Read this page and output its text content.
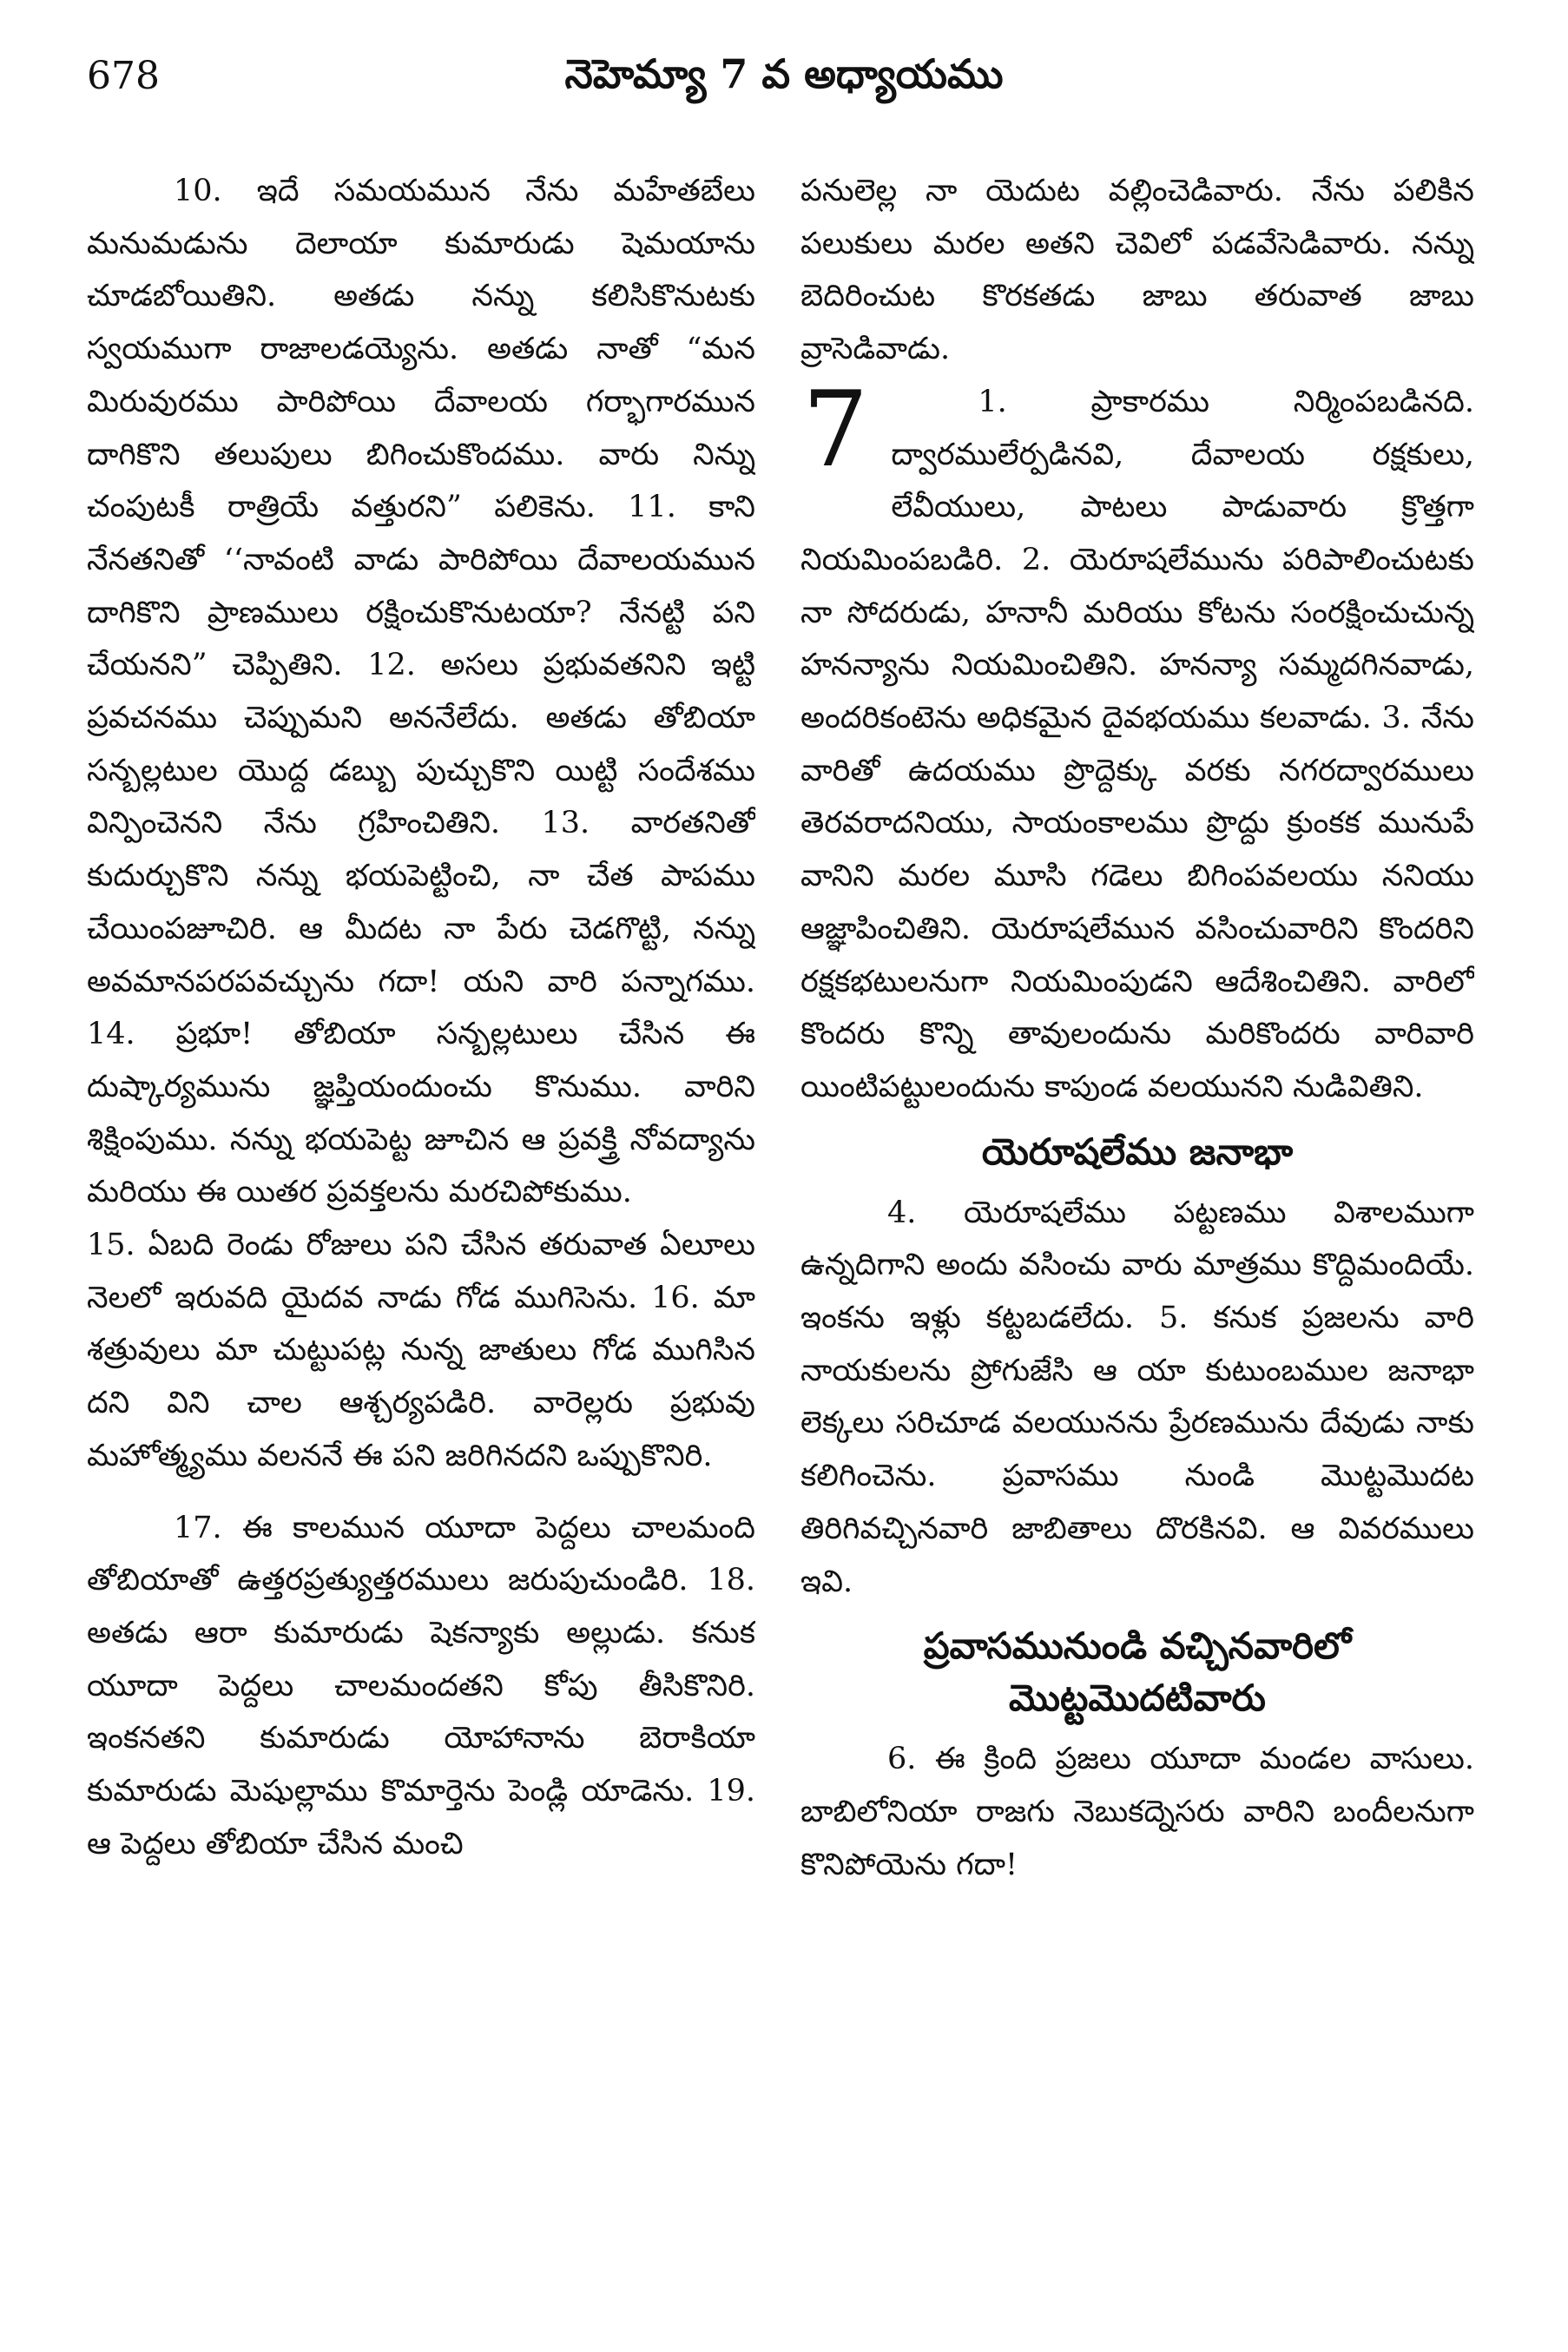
678	నెహెమ్యా 7 వ అధ్యాయము

10. ఇదే సమయమున నేను మహేతబేలు మనుమడును దెలాయా కుమారుడు షెమయాను చూడబోయితిని. అతడు నన్ను కలిసికొనుటకు స్వయముగా రాజాలడయ్యెను. అతడు నాతో “మన మిరువురము పారిపోయి దేవాలయ గర్భాగారమున దాగికొని తలుపులు బిగించుకొందము. వారు నిన్ను చంపుటకీ రాత్రియే వత్తురని” పలికెను. 11. కాని నేనతనితో ‘‘నావంటి వాడు పారిపోయి దేవాలయమున దాగికొని ప్రాణములు రక్షించుకొనుటయా? నేనట్టి పని చేయనని” చెప్పితిని. 12. అసలు ప్రభువతనిని ఇట్టి ప్రవచనము చెప్పుమని అననేలేదు. అతడు తోబియా సన్బల్లటుల యొద్ద డబ్బు పుచ్చుకొని యిట్టి సందేశము విన్పించెనని నేను గ్రహించితిని. 13. వారతనితో కుదుర్చుకొని నన్ను భయపెట్టించి, నా చేత పాపము చేయింపజూచిరి. ఆ మీదట నా పేరు చెడగొట్టి, నన్ను అవమానపరపవచ్చును గదా! యని వారి పన్నాగము. 14. ప్రభూ! తోబియా సన్బల్లటులు చేసిన ఈ దుష్కార్యమును జ్ఞప్తియందుంచు కొనుము. వారిని శిక్షింపుము. నన్ను భయపెట్ట జూచిన ఆ ప్రవక్త్రి నోవద్యాను మరియు ఈ యితర ప్రవక్తలను మరచిపోకుము.

15. ఏబది రెండు రోజులు పని చేసిన తరువాత ఏలూలు నెలలో ఇరువది యైదవ నాడు గోడ ముగిసెను. 16. మా శత్రువులు మా చుట్టుపట్ల నున్న జాతులు గోడ ముగిసిన దని విని చాల ఆశ్చర్యపడిరి. వారెల్లరు ప్రభువు మహోత్మ్యము వలననే ఈ పని జరిగినదని ఒప్పుకొనిరి.

17. ఈ కాలమున యూదా పెద్దలు చాలమంది తోబియాతో ఉత్తరప్రత్యుత్తరములు జరుపుచుండిరి. 18. అతడు ఆరా కుమారుడు షెకన్యాకు అల్లుడు. కనుక యూదా పెద్దలు చాలమందతని కోపు తీసికొనిరి. ఇంకనతని కుమారుడు యోహానాను బెరాకియా కుమారుడు మెషుల్లాము కొమార్తెను పెండ్లి యాడెను. 19. ఆ పెద్దలు తోబియా చేసిన మంచి

పనులెల్ల నా యెదుట వల్లించెడివారు. నేను పలికిన పలుకులు మరల అతని చెవిలో పడవేసెడివారు. నన్ను బెదిరించుట కొరకతడు జాబు తరువాత జాబు వ్రాసెడివాడు.

7	1. ప్రాకారము నిర్మింపబడినది. ద్వారములేర్పడినవి, దేవాలయ రక్షకులు, లేవీయులు, పాటలు పాడువారు క్రొత్తగా నియమింపబడిరి. 2. యెరూషలేమును పరిపాలించుటకు నా సోదరుడు, హనానీ మరియు కోటను సంరక్షించుచున్న హనన్యాను నియమించితిని. హనన్యా సమ్మదగినవాడు, అందరికంటెను అధికమైన దైవభయము కలవాడు. 3. నేను వారితో ఉదయము ప్రొద్దెక్కు వరకు నగరద్వారములు తెరవరాదనియు, సాయంకాలము ప్రొద్దు క్రుంకక మునుపే వానిని మరల మూసి గడెలు బిగింపవలయు ననియు ఆజ్ఞాపించితిని. యెరూషలేమున వసించువారిని కొందరిని రక్షకభటులనుగా నియమింపుడని ఆదేశించితిని. వారిలో కొందరు కొన్ని తావులందును మరికొందరు వారివారి యింటిపట్టులందును కాపుండ వలయునని నుడివితిని.

యెరూషలేము జనాభా

4. యెరూషలేము పట్టణము విశాలముగా ఉన్నదిగాని అందు వసించు వారు మాత్రము కొద్దిమందియే. ఇంకను ఇళ్లు కట్టబడలేదు. 5. కనుక ప్రజలను వారి నాయకులను ప్రోగుజేసి ఆ యా కుటుంబముల జనాభా లెక్కలు సరిచూడ వలయునను ప్రేరణమును దేవుడు నాకు కలిగించెను. ప్రవాసము నుండి మొట్టమొదట తిరిగివచ్చినవారి జాబితాలు దొరకినవి. ఆ వివరములు ఇవి.

ప్రవాసమునుండి వచ్చినవారిలో
మొట్టమొదటివారు

6. ఈ క్రింది ప్రజలు యూదా మండల వాసులు. బాబిలోనియా రాజగు నెబుకద్నెసరు వారిని బందీలనుగా కొనిపోయెను గదా!
